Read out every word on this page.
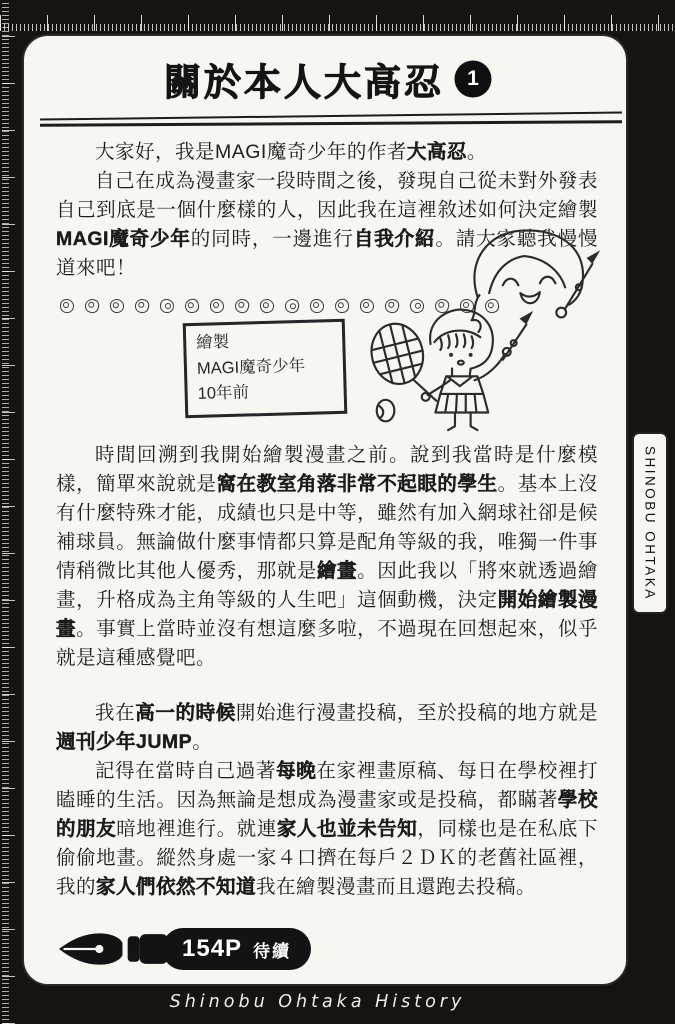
關於本人大高忍	1

大家好，我是MAGI魔奇少年的作者大高忍。

自己在成為漫畫家一段時間之後，發現自己從未對外發表自己到底是一個什麼樣的人，因此我在這裡敘述如何決定繪製MAGI魔奇少年的同時，一邊進行自我介紹。請大家聽我慢慢道來吧！

繪製
MAGI魔奇少年
10年前

時間回溯到我開始繪製漫畫之前。說到我當時是什麼模樣，簡單來說就是窩在教室角落非常不起眼的學生。基本上沒有什麼特殊才能，成績也只是中等，雖然有加入網球社卻是候補球員。無論做什麼事情都只算是配角等級的我，唯獨一件事情稍微比其他人優秀，那就是繪畫。因此我以「將來就透過繪畫，升格成為主角等級的人生吧」這個動機，決定開始繪製漫畫。事實上當時並沒有想這麼多啦，不過現在回想起來，似乎就是這種感覺吧。

我在高一的時候開始進行漫畫投稿，至於投稿的地方就是週刊少年JUMP。

記得在當時自己過著每晚在家裡畫原稿、每日在學校裡打瞌睡的生活。因為無論是想成為漫畫家或是投稿，都瞞著學校的朋友暗地裡進行。就連家人也並未告知，同樣也是在私底下偷偷地畫。縱然身處一家４口擠在每戶２ＤＫ的老舊社區裡，我的家人們依然不知道我在繪製漫畫而且還跑去投稿。

154P 待續
SHINOBU OHTAKA
Shinobu Ohtaka History
